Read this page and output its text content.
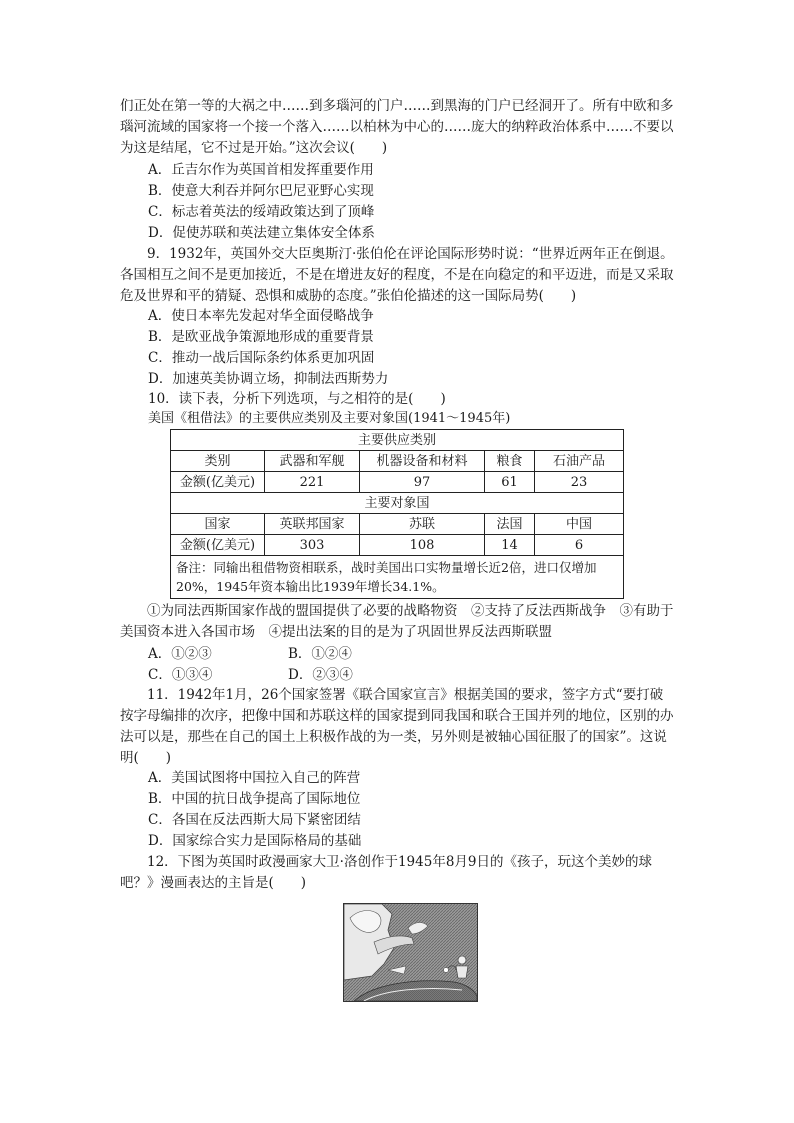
们正处在第一等的大祸之中……到多瑙河的门户……到黑海的门户已经洞开了。所有中欧和多瑙河流域的国家将一个接一个落入……以柏林为中心的……庞大的纳粹政治体系中……不要以为这是结尾，它不过是开始。”这次会议(　　)

A．丘吉尔作为英国首相发挥重要作用
B．使意大利吞并阿尔巴尼亚野心实现
C．标志着英法的绥靖政策达到了顶峰
D．促使苏联和英法建立集体安全体系

9．1932年，英国外交大臣奥斯汀·张伯伦在评论国际形势时说：“世界近两年正在倒退。各国相互之间不是更加接近，不是在增进友好的程度，不是在向稳定的和平迈进，而是又采取危及世界和平的猜疑、恐惧和威胁的态度。”张伯伦描述的这一国际局势(　　)

A．使日本率先发起对华全面侵略战争
B．是欧亚战争策源地形成的重要背景
C．推动一战后国际条约体系更加巩固
D．加速英美协调立场，抑制法西斯势力
10．读下表，分析下列选项，与之相符的是(　　)
美国《租借法》的主要供应类别及主要对象国(1941～1945年)
主要供应类别				
类别	武器和军舰	机器设备和材料	粮食	石油产品
金额(亿美元)	221	97	61	23
主要对象国				
国家	英联邦国家	苏联	法国	中国
金额(亿美元)	303	108	14	6
备注：同输出租借物资相联系，战时美国出口实物量增长近2倍，进口仅增加20%，1945年资本输出比1939年增长34.1%。				

①为同法西斯国家作战的盟国提供了必要的战略物资　②支持了反法西斯战争　③有助于美国资本进入各国市场　④提出法案的目的是为了巩固世界反法西斯联盟

A．①②③	B．①②④
C．①③④	D．②③④

11．1942年1月，26个国家签署《联合国家宣言》根据美国的要求，签字方式“要打破按字母编排的次序，把像中国和苏联这样的国家提到同我国和联合王国并列的地位，区别的办法可以是，那些在自己的国土上积极作战的为一类，另外则是被轴心国征服了的国家”。这说明(　　)

A．美国试图将中国拉入自己的阵营
B．中国的抗日战争提高了国际地位
C．各国在反法西斯大局下紧密团结
D．国家综合实力是国际格局的基础

12．下图为英国时政漫画家大卫·洛创作于1945年8月9日的《孩子，玩这个美妙的球吧？》漫画表达的主旨是(　　)
